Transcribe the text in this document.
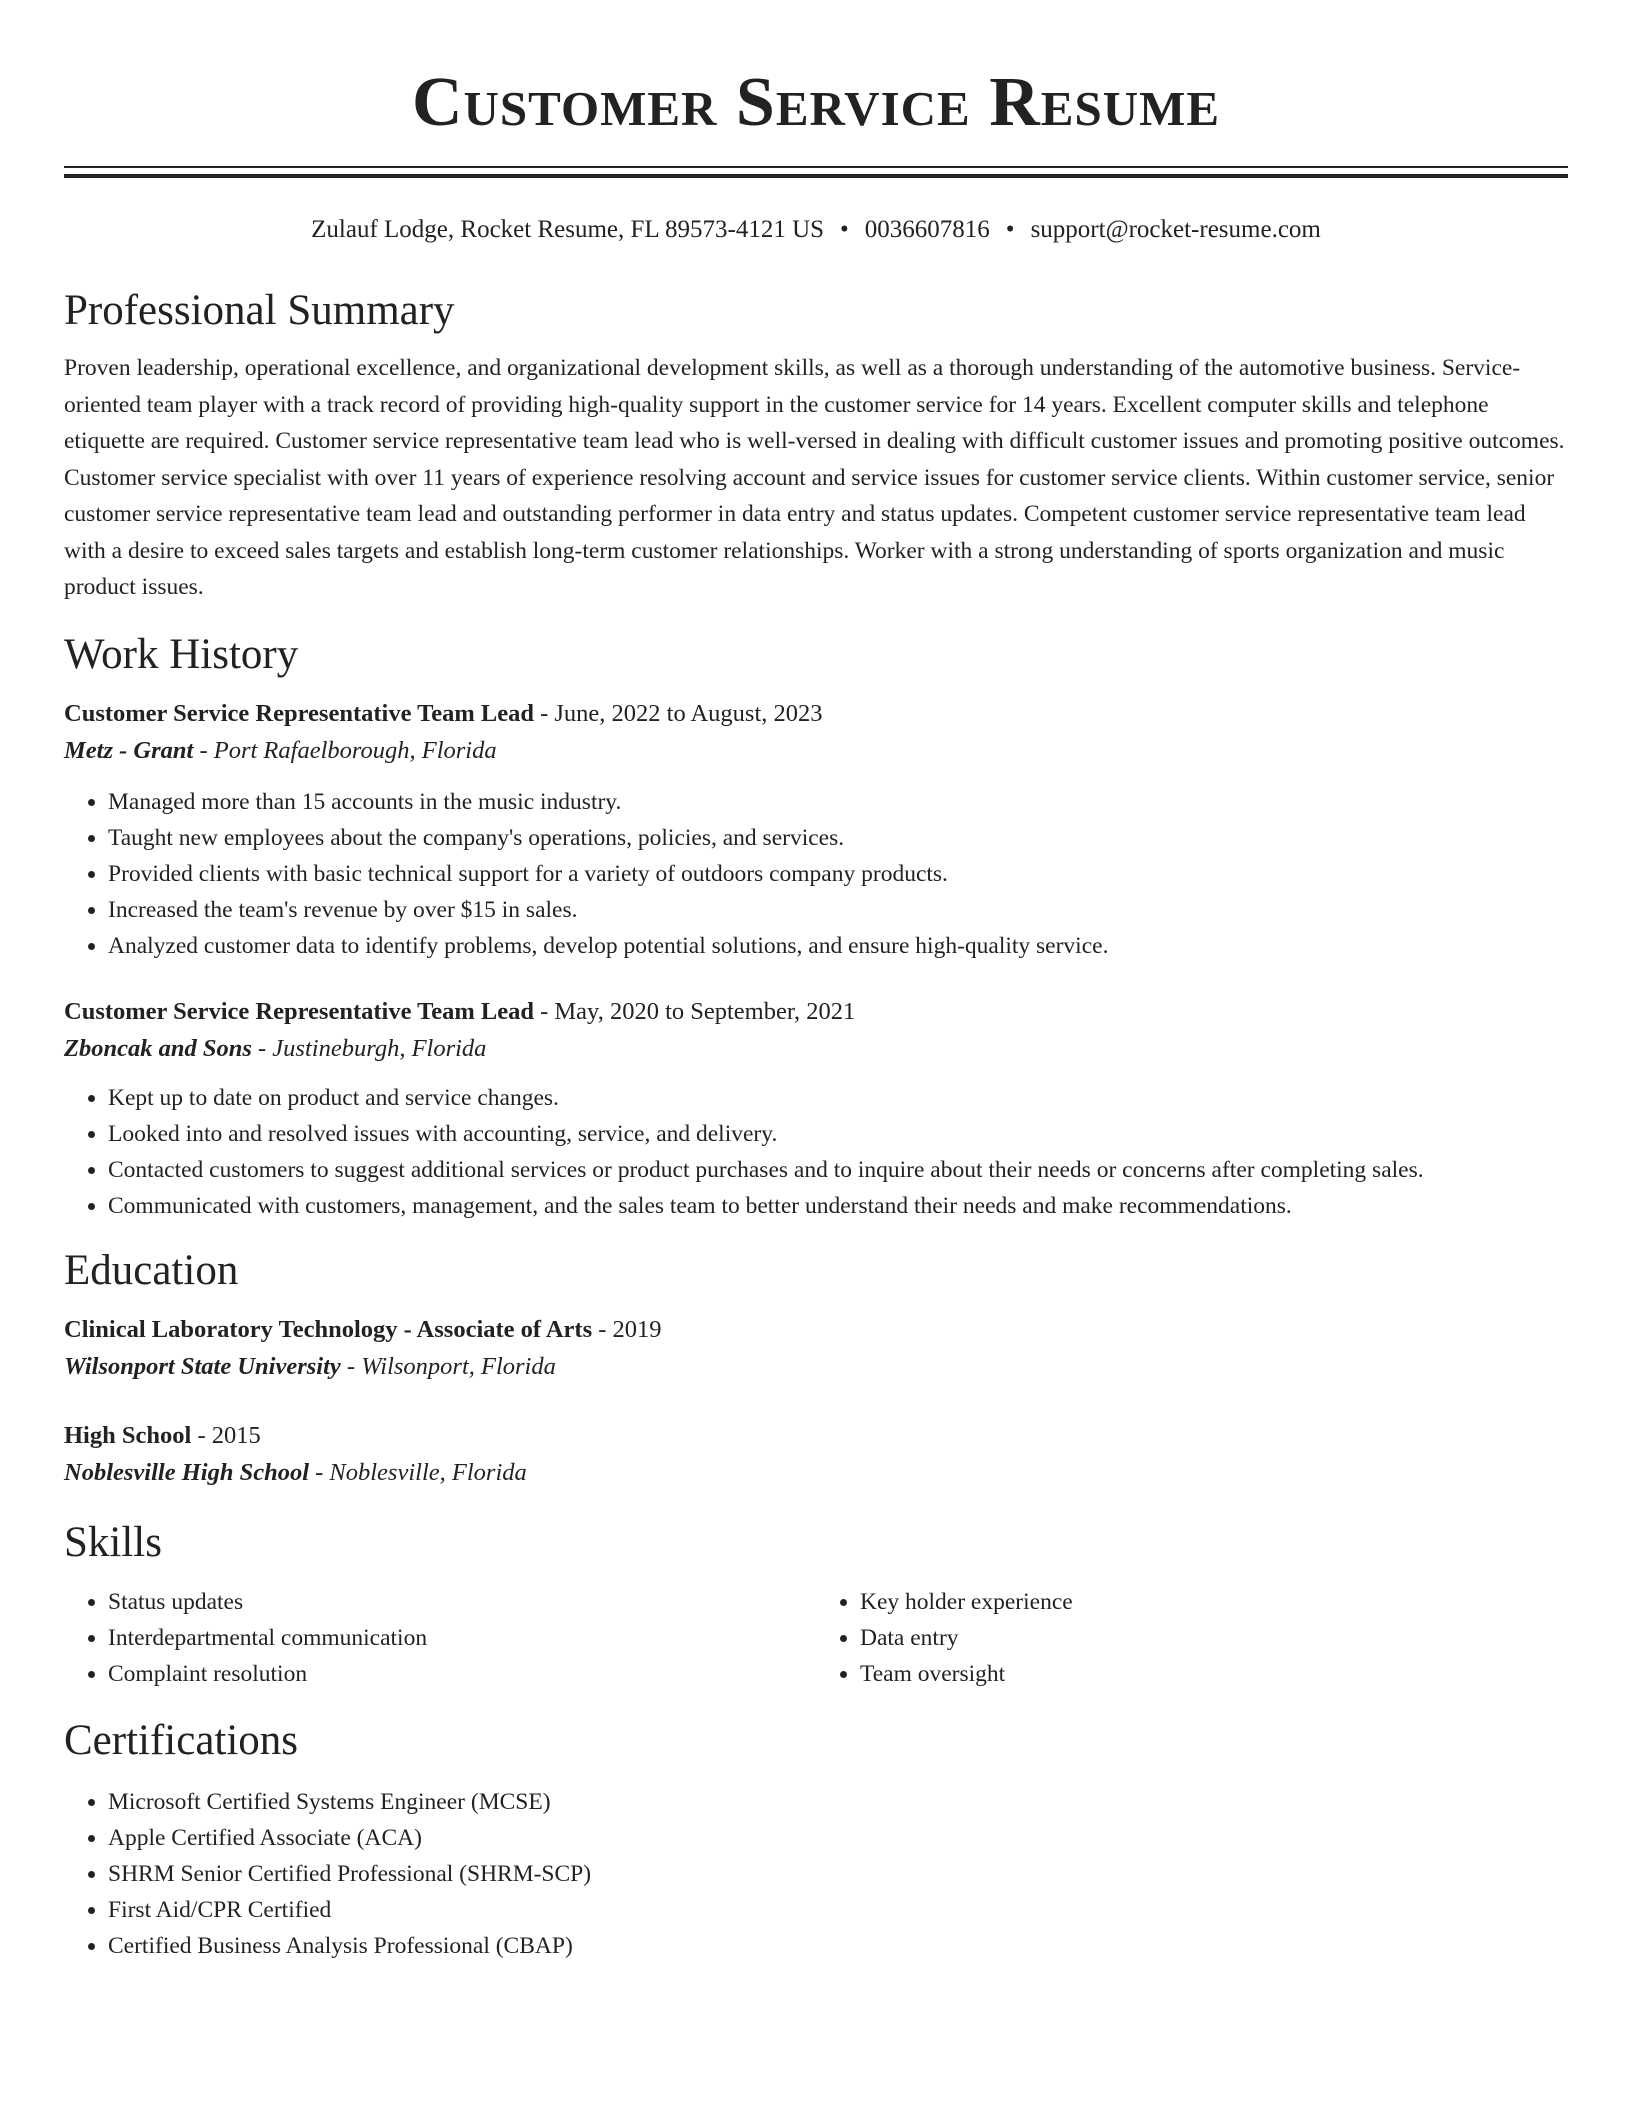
Customer Service Resume
Zulauf Lodge, Rocket Resume, FL 89573-4121 US • 0036607816 • support@rocket-resume.com
Professional Summary
Proven leadership, operational excellence, and organizational development skills, as well as a thorough understanding of the automotive business. Service-oriented team player with a track record of providing high-quality support in the customer service for 14 years. Excellent computer skills and telephone etiquette are required. Customer service representative team lead who is well-versed in dealing with difficult customer issues and promoting positive outcomes. Customer service specialist with over 11 years of experience resolving account and service issues for customer service clients. Within customer service, senior customer service representative team lead and outstanding performer in data entry and status updates. Competent customer service representative team lead with a desire to exceed sales targets and establish long-term customer relationships. Worker with a strong understanding of sports organization and music product issues.
Work History
Customer Service Representative Team Lead - June, 2022 to August, 2023
Metz - Grant - Port Rafaelborough, Florida
• Managed more than 15 accounts in the music industry.
• Taught new employees about the company's operations, policies, and services.
• Provided clients with basic technical support for a variety of outdoors company products.
• Increased the team's revenue by over $15 in sales.
• Analyzed customer data to identify problems, develop potential solutions, and ensure high-quality service.
Customer Service Representative Team Lead - May, 2020 to September, 2021
Zboncak and Sons - Justineburgh, Florida
• Kept up to date on product and service changes.
• Looked into and resolved issues with accounting, service, and delivery.
• Contacted customers to suggest additional services or product purchases and to inquire about their needs or concerns after completing sales.
• Communicated with customers, management, and the sales team to better understand their needs and make recommendations.
Education
Clinical Laboratory Technology - Associate of Arts - 2019
Wilsonport State University - Wilsonport, Florida
High School - 2015
Noblesville High School - Noblesville, Florida
Skills
• Status updates
• Interdepartmental communication
• Complaint resolution
• Key holder experience
• Data entry
• Team oversight
Certifications
• Microsoft Certified Systems Engineer (MCSE)
• Apple Certified Associate (ACA)
• SHRM Senior Certified Professional (SHRM-SCP)
• First Aid/CPR Certified
• Certified Business Analysis Professional (CBAP)
